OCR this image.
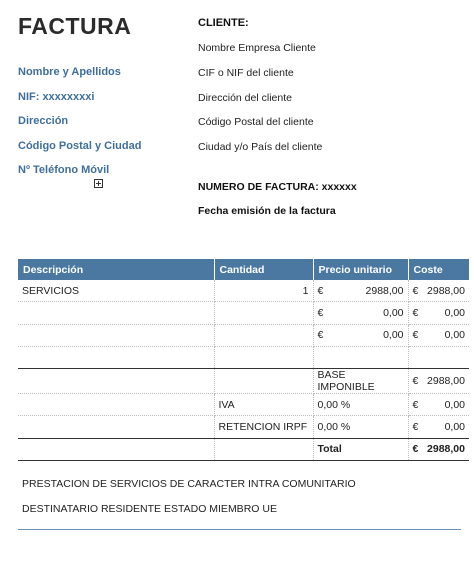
FACTURA
Nombre y Apellidos
NIF: xxxxxxxxi
Dirección
Código Postal y Ciudad
Nº Teléfono Móvil
CLIENTE:
Nombre Empresa Cliente
CIF o NIF del cliente
Dirección del cliente
Código Postal del cliente
Ciudad y/o País del cliente
NUMERO DE FACTURA: xxxxxx
Fecha emisión de la factura
Descripción	Cantidad	Precio unitario	Coste
SERVICIOS	1	€ 2988,00	€ 2988,00

		€ 0,00	€ 0,00

		€ 0,00	€ 0,00

		BASE IMPONIBLE	€ 2988,00

	IVA	0,00 %	€ 0,00

	RETENCION IRPF	0,00 %	€ 0,00

		Total	€ 2988,00
PRESTACION DE SERVICIOS DE CARACTER INTRA COMUNITARIO
DESTINATARIO RESIDENTE ESTADO MIEMBRO UE
